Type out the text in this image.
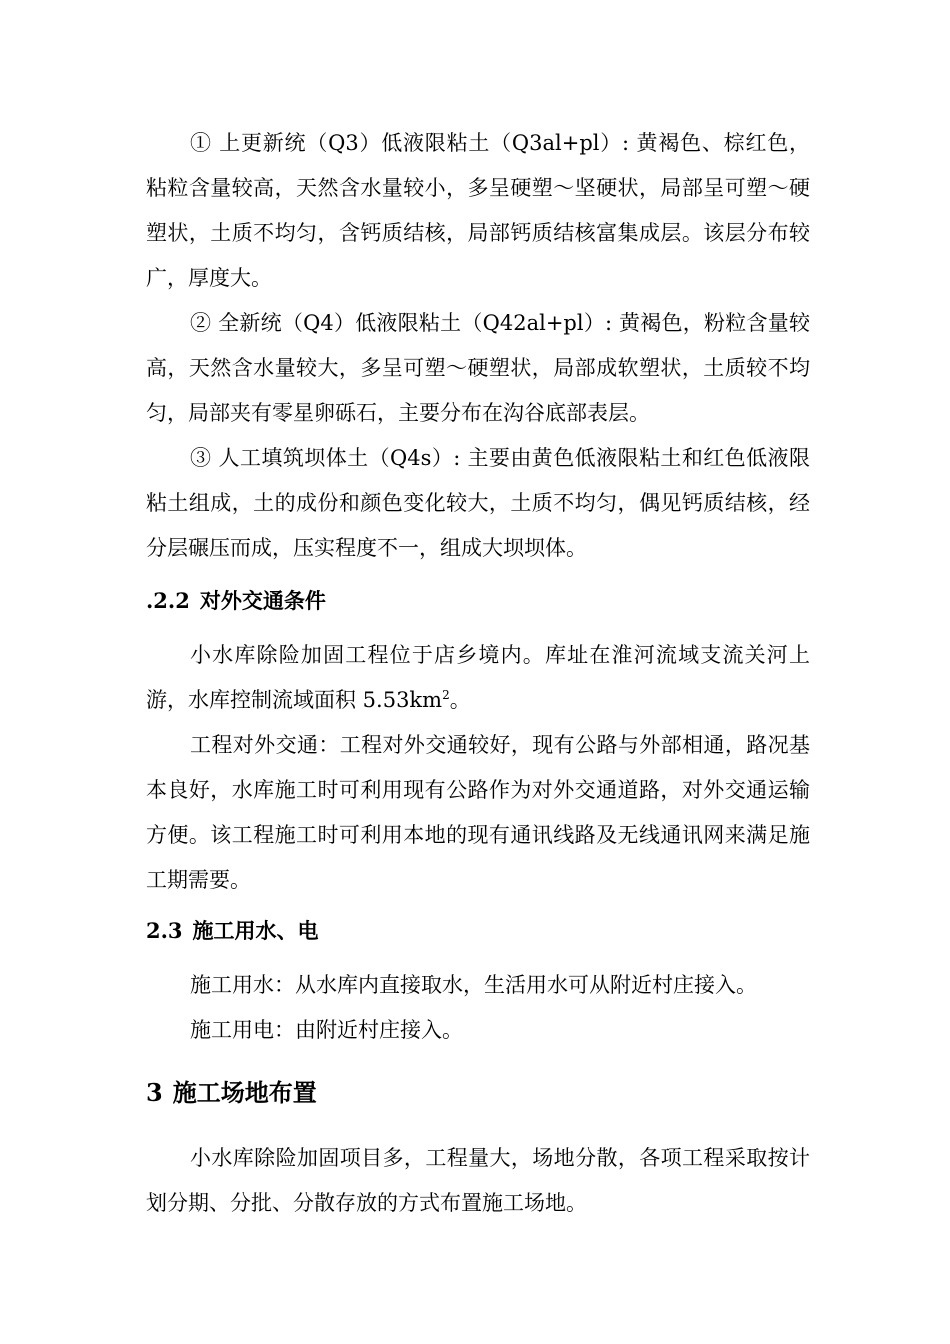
① 上更新统（Q3）低液限粘土（Q3al+pl）: 黄褐色、棕红色，粘粒含量较高，天然含水量较小，多呈硬塑～坚硬状，局部呈可塑～硬塑状，土质不均匀，含钙质结核，局部钙质结核富集成层。该层分布较广，厚度大。

② 全新统（Q4）低液限粘土（Q42al+pl）: 黄褐色，粉粒含量较高，天然含水量较大，多呈可塑～硬塑状，局部成软塑状，土质较不均匀，局部夹有零星卵砾石，主要分布在沟谷底部表层。

③ 人工填筑坝体土（Q4s）: 主要由黄色低液限粘土和红色低液限粘土组成，土的成份和颜色变化较大，土质不均匀，偶见钙质结核，经分层碾压而成，压实程度不一，组成大坝坝体。

.2.2 对外交通条件

小水库除险加固工程位于店乡境内。库址在淮河流域支流关河上游，水库控制流域面积 $5.53km^2$。

工程对外交通：工程对外交通较好，现有公路与外部相通，路况基本良好，水库施工时可利用现有公路作为对外交通道路，对外交通运输方便。该工程施工时可利用本地的现有通讯线路及无线通讯网来满足施工期需要。

2.3 施工用水、电

施工用水：从水库内直接取水，生活用水可从附近村庄接入。

施工用电：由附近村庄接入。

3 施工场地布置

小水库除险加固项目多，工程量大，场地分散，各项工程采取按计划分期、分批、分散存放的方式布置施工场地。
